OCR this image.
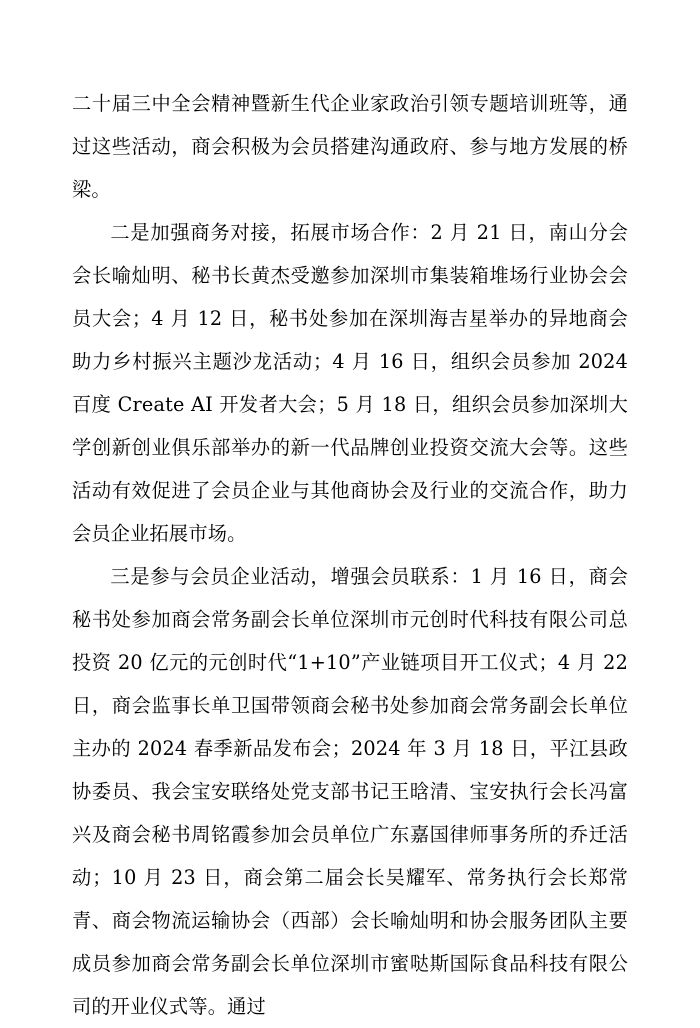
二十届三中全会精神暨新生代企业家政治引领专题培训班等，通过这些活动，商会积极为会员搭建沟通政府、参与地方发展的桥梁。

二是加强商务对接，拓展市场合作：2 月 21 日，南山分会会长喻灿明、秘书长黄杰受邀参加深圳市集装箱堆场行业协会会员大会；4 月 12 日，秘书处参加在深圳海吉星举办的异地商会助力乡村振兴主题沙龙活动；4 月 16 日，组织会员参加 2024 百度 Create AI 开发者大会；5 月 18 日，组织会员参加深圳大学创新创业俱乐部举办的新一代品牌创业投资交流大会等。这些活动有效促进了会员企业与其他商协会及行业的交流合作，助力会员企业拓展市场。

三是参与会员企业活动，增强会员联系：1 月 16 日，商会秘书处参加商会常务副会长单位深圳市元创时代科技有限公司总投资 20 亿元的元创时代“1+10”产业链项目开工仪式；4 月 22 日，商会监事长单卫国带领商会秘书处参加商会常务副会长单位主办的 2024 春季新品发布会；2024 年 3 月 18 日，平江县政协委员、我会宝安联络处党支部书记王晗清、宝安执行会长冯富兴及商会秘书周铭霞参加会员单位广东嘉国律师事务所的乔迁活动；10 月 23 日，商会第二届会长吴耀军、常务执行会长郑常青、商会物流运输协会（西部）会长喻灿明和协会服务团队主要成员参加商会常务副会长单位深圳市蜜哒斯国际食品科技有限公司的开业仪式等。通过
